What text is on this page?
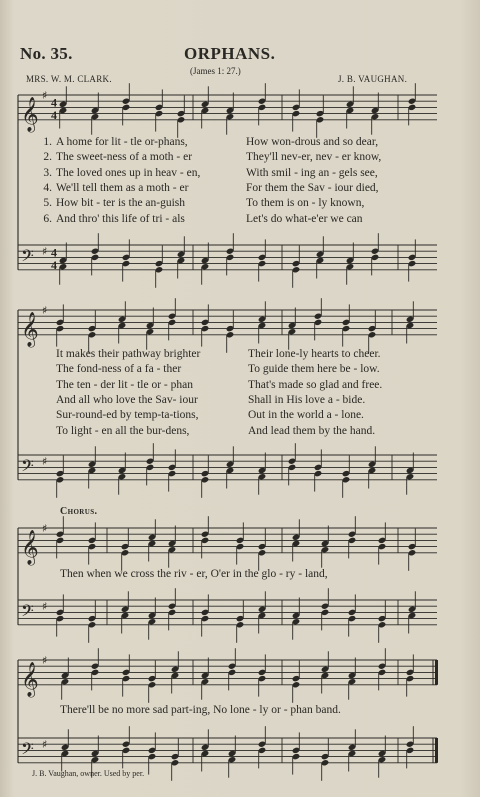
No. 35.	ORPHANS.
(James 1: 27.)
MRS. W. M. CLARK.	J. B. VAUGHAN.
𝄞
♯ 4
4
𝄢 ♯ 4
4
𝄞
♯
𝄢 ♯
𝄞
♯
𝄢 ♯
𝄞
♯
𝄢 ♯
1. A home for lit - tle or-phans,	How won-drous and so dear,
2. The sweet-ness of a moth - er	They'll nev-er, nev - er know,
3. The loved ones up in heav - en,	With smil - ing an - gels see,
4. We'll tell them as a moth - er	For them the Sav - iour died,
5. How bit - ter is the an-guish	To them is on - ly known,
6. And thro' this life of tri - als	Let's do what-e'er we can
It makes their pathway brighter	Their lone-ly hearts to cheer.
The fond-ness of a fa - ther	To guide them here be - low.
The ten - der lit - tle or - phan	That's made so glad and free.
And all who love the Sav- iour	Shall in His love a - bide.
Sur-round-ed by temp-ta-tions,	Out in the world a - lone.
To light - en all the bur-dens,	And lead them by the hand.
Chorus.
Then when we cross the riv - er, O'er in the glo - ry - land,
There'll be no more sad part-ing, No lone - ly or - phan band.
J. B. Vaughan, owner. Used by per.
